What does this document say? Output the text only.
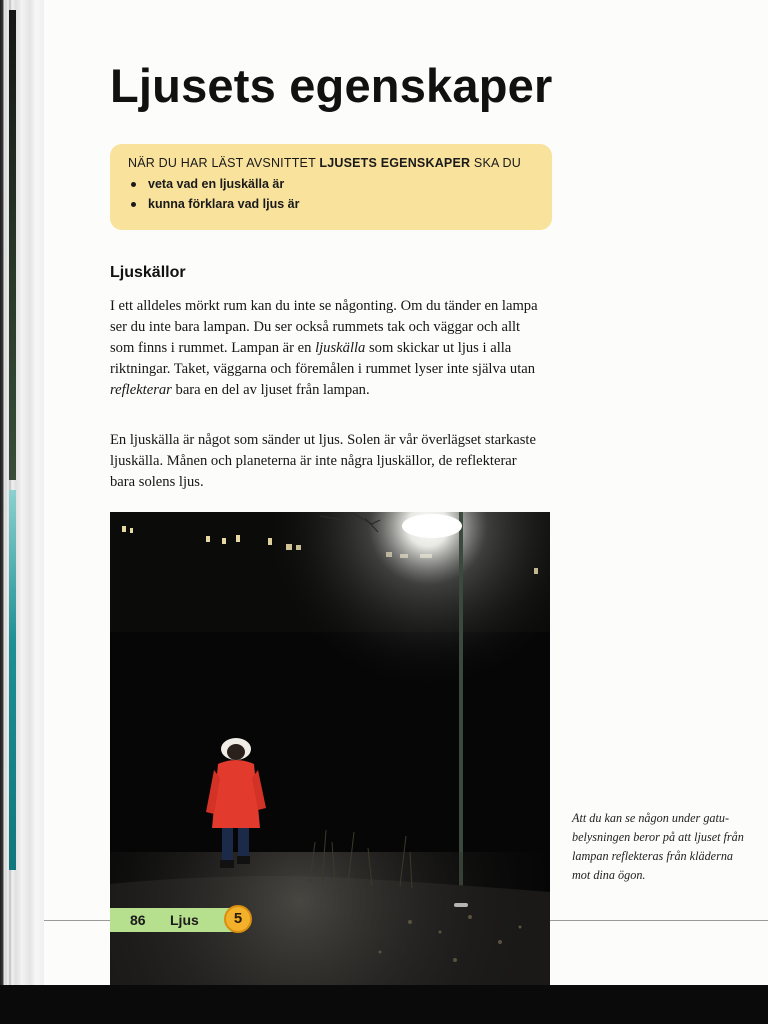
Ljusets egenskaper

NÄR DU HAR LÄST AVSNITTET LJUSETS EGENSKAPER SKA DU

veta vad en ljuskälla är
kunna förklara vad ljus är
Ljuskällor

I ett alldeles mörkt rum kan du inte se någonting. Om du tänder en lampa ser du inte bara lampan. Du ser också rummets tak och väggar och allt som finns i rummet. Lampan är en ljuskälla som skickar ut ljus i alla riktningar. Taket, väggarna och föremålen i rummet lyser inte själva utan reflekterar bara en del av ljuset från lampan.

En ljuskälla är något som sänder ut ljus. Solen är vår överlägset starkaste ljuskälla. Månen och planeterna är inte några ljuskällor, de reflekterar bara solens ljus.

Att du kan se någon under gatu-
belysningen beror på att ljuset från
lampan reflekteras från kläderna
mot dina ögon.

86 Ljus	5
